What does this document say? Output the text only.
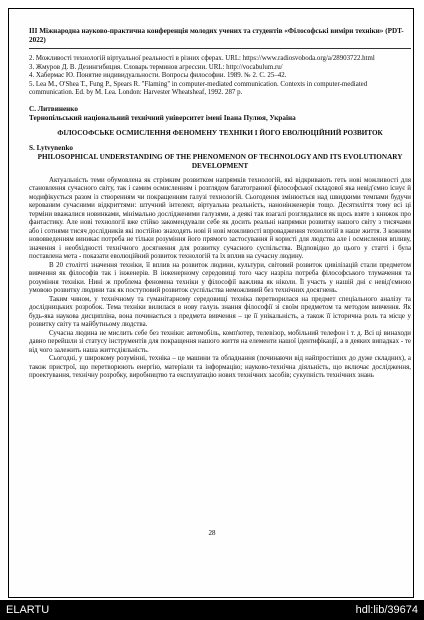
III Міжнародна науково-практична конференція молодих учених та студентів «Філософські виміри техніки» (PDT-2022)
2. Можливості технологій віртуальної реальності в різних сферах. URL: https://www.radiosvoboda.org/a/28903722.html
3. Жмуров Д. В. Дезингибиция. Словарь терминов агрессии. URL: http://vocabulum.ru/
4. Хабермас Ю. Понятие индивидуальности. Вопросы философии. 1989. № 2. С. 25–42.
5. Lea M., O'Shea T., Fung P., Spears R. "Flaming" in computer-mediated communication. Contexts in computer-mediated communication. Ed. by M. Lea. London: Harvester Wheatsheaf, 1992. 287 p.
С. Литвиненко
Тернопільський національний технічний університет імені Івана Пулюя, Україна
ФІЛОСОФСЬКЕ ОСМИСЛЕННЯ ФЕНОМЕНУ ТЕХНІКИ І ЙОГО ЕВОЛЮЦІЙНИЙ РОЗВИТОК
S. Lytvynenko
PHILOSOPHICAL UNDERSTANDING OF THE PHENOMENON OF TECHNOLOGY AND ITS EVOLUTIONARY DEVELOPMENT

Актуальність теми обумовлена як стрімким розвитком напрямків технологій, які відкривають геть нові можливості для становлення сучасного світу, так і самим осмисленням і розглядом багатогранної філософської складової яка невід'ємно існує й модифікується разом із створенням чи покращенням галузі технологій. Сьогодення змінюється над швидкими темпами будучи керованим сучасними відкриттями: штучний інтелект, віртуальна реальність, нанонінженерія тощо. Десятиліття тому всі ці терміни вважалися новинками, мінімально дослідженими галузями, а деякі так взагалі розглядалися як щось взяте з книжок про фантастику. Але нові технології вже стійко закомендували себе як досить реальні напрямки розвитку нашого світу з тисячами або і сотнями тисяч дослідників які постійно знаходять нові й нові можливості впровадження технологій в наше життя. З кожним нововведенням виникає потреба не тільки розуміння його прямого застосування й користі для людства але і осмислення впливу, значення і необхідності технічного досягнення для розвитку сучасного суспільства. Відповідно до цього у статті і була поставлена мета - показати еволюційний розвиток технологій та їх вплив на сучасну людину.

В 20 столітті значення техніки, її вплив на розвиток людини, культури, світовий розвиток цивілізацій стали предметом вивчення як філософів так і інженерів. В інженерному середовищі того часу назріла потреба філософського тлумачення та розуміння техніки. Нині ж проблема феномена техніки у філософії важлива як ніколи. Її участь у нашій дні є невід'ємною умовою розвитку людини так як поступовий розвиток суспільства неможливий без технічних досягнень.

Таким чином, у технічному та гуманітарному середовищі техніка перетворилася на предмет спеціального аналізу та дослідницьких розробок. Тема техніки вилилася в нову галузь знання філософії зі своїм предметом та методом вивчення. Як будь-яка наукова дисципліна, вона починається з предмета вивчення – це її унікальність, а також її історична роль та місце у розвитку світу та майбутньому людства.

Сучасна людина не мислить себе без техніки: автомобіль, комп'ютер, телевізор, мобільний телефон і т. д. Всі ці винаходи давно перейшли зі статусу інструментів для покращення нашого життя на елементи нашої ідентифікації, а в деяких випадках - те від чого залежить наша життєдіяльність.

Сьогодні, у широкому розумінні, техніка – це машини та обладнання (починаючи від найпростіших до дуже складних), а також пристрої, що перетворюють енергію, матеріали та інформацію; науково-технічна діяльність, що включає дослідження, проектування, технічну розробку, виробництво та експлуатацію нових технічних засобів; сукупність технічних знань

28
ELARTU	hdl:lib/39674
